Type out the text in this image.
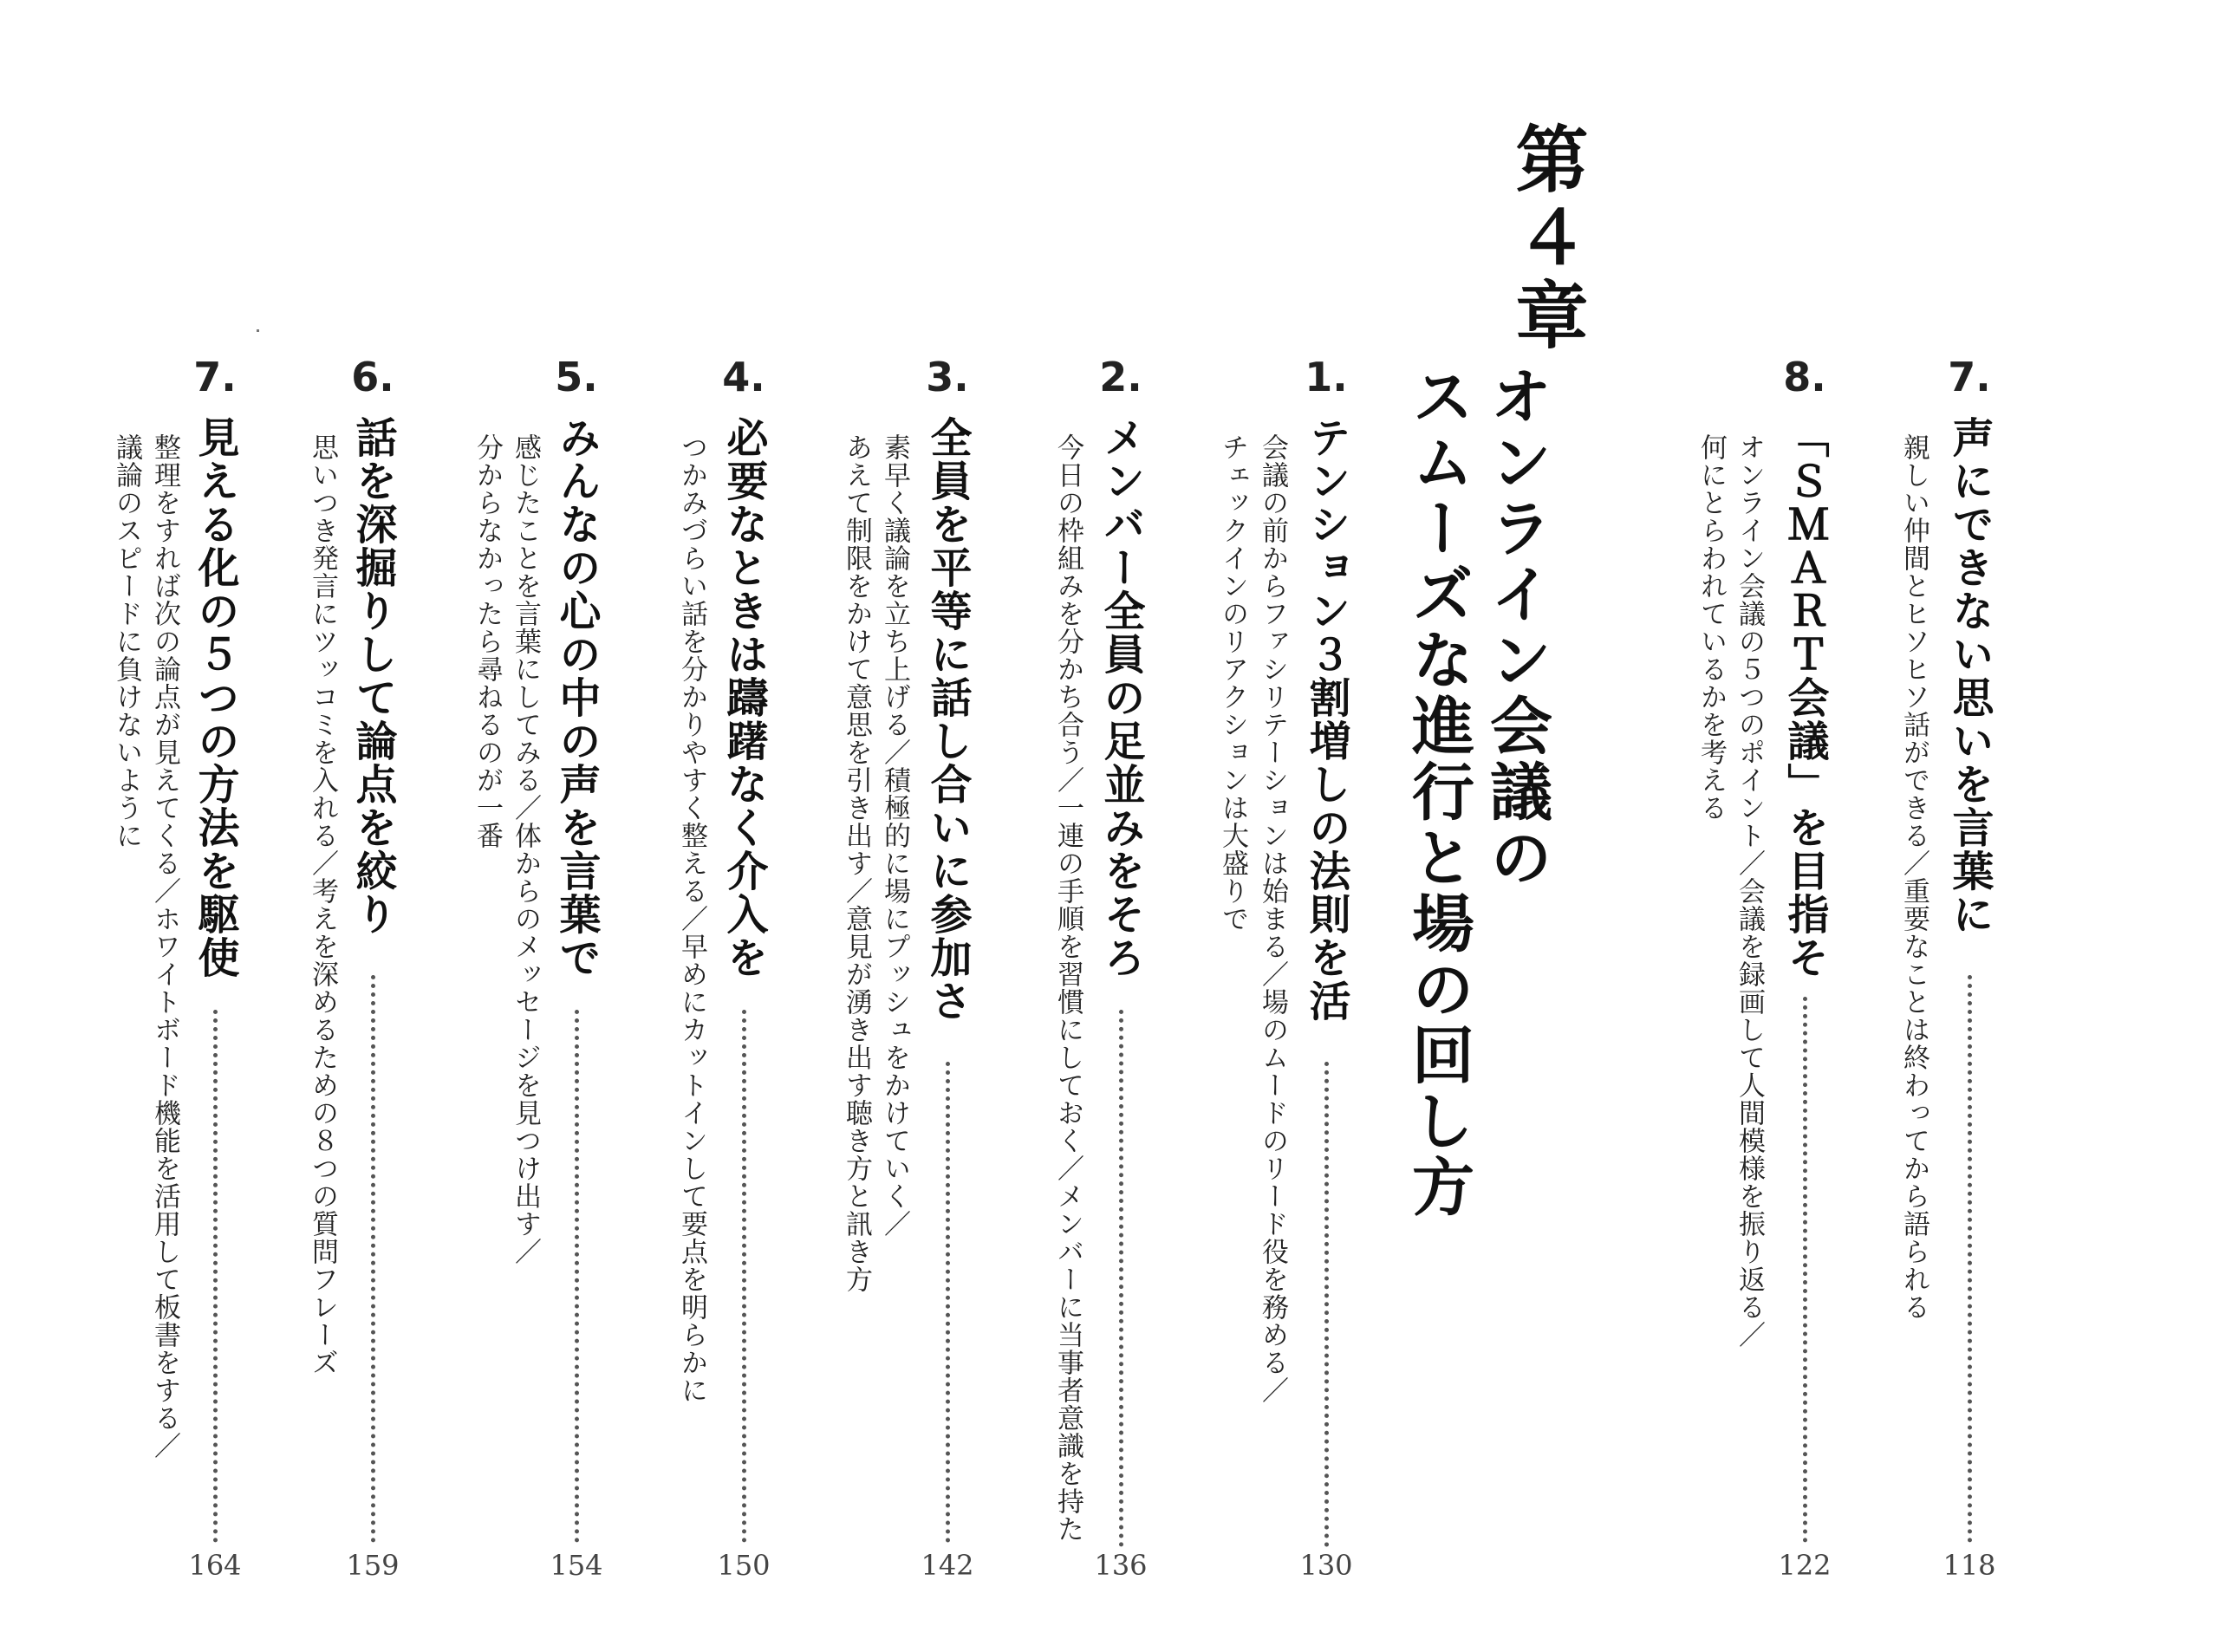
7.
声にできない思いを言葉に
親しい仲間とヒソヒソ話ができる／重要なことは終わってから語られる
118
8.
「ＳＭＡＲＴ会議」を目指そ
オンライン会議の５つのポイント／会議を録画して人間模様を振り返る／
何にとらわれているかを考える
122
第４章
オンライン会議の
スムーズな進行と場の回し方
1.
テンション３割増しの法則を活
会議の前からファシリテーションは始まる／場のムードのリード役を務める／
チェックインのリアクションは大盛りで
130
2.
メンバー全員の足並みをそろ
今日の枠組みを分かち合う／一連の手順を習慣にしておく／メンバーに当事者意識を持た
136
3.
全員を平等に話し合いに参加さ
素早く議論を立ち上げる／積極的に場にプッシュをかけていく／
あえて制限をかけて意思を引き出す／意見が湧き出す聴き方と訊き方
142
4.
必要なときは躊躇なく介入を
つかみづらい話を分かりやすく整える／早めにカットインして要点を明らかに
150
5.
みんなの心の中の声を言葉で
感じたことを言葉にしてみる／体からのメッセージを見つけ出す／
分からなかったら尋ねるのが一番
154
6.
話を深掘りして論点を絞り
思いつき発言にツッコミを入れる／考えを深めるための８つの質問フレーズ
159
7.
見える化の５つの方法を駆使
整理をすれば次の論点が見えてくる／ホワイトボード機能を活用して板書をする／
議論のスピードに負けないように
164
